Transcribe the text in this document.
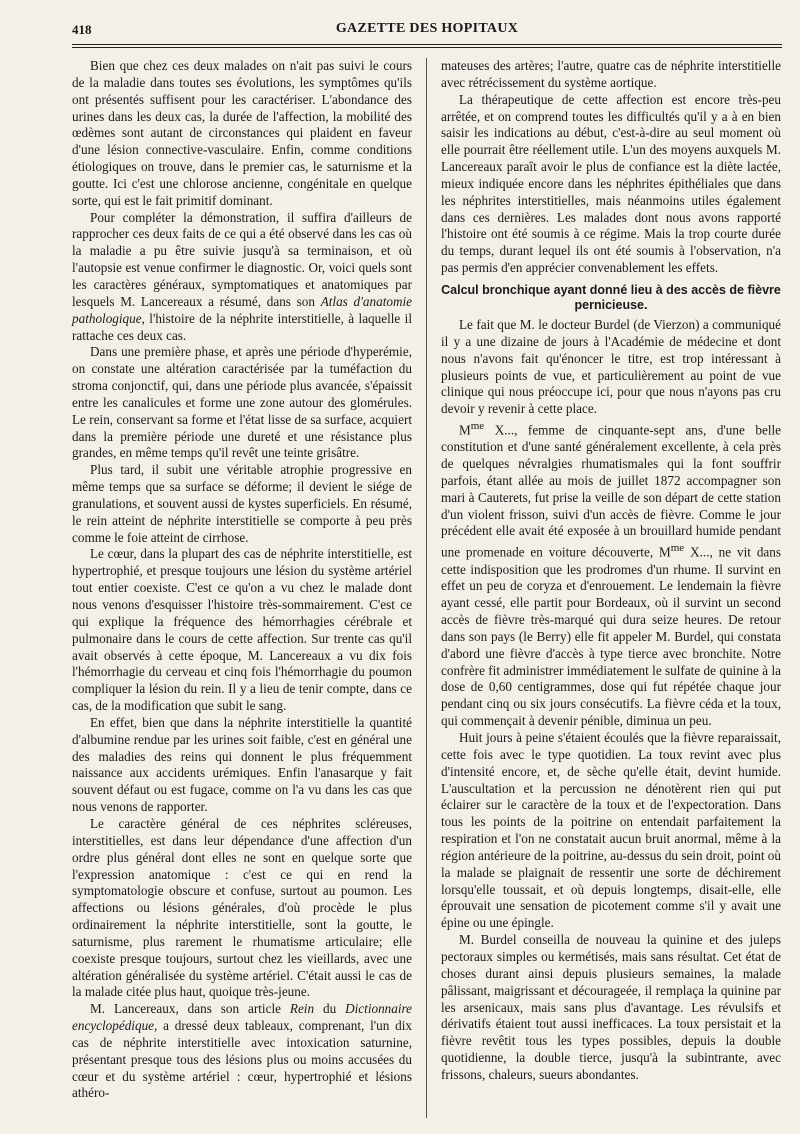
418	GAZETTE DES HOPITAUX

Bien que chez ces deux malades on n'ait pas suivi le cours de la maladie dans toutes ses évolutions, les symptômes qu'ils ont présentés suffisent pour les caractériser. L'abondance des urines dans les deux cas, la durée de l'affection, la mobilité des œdèmes sont autant de circonstances qui plaident en faveur d'une lésion connective-vasculaire. Enfin, comme conditions étiologiques on trouve, dans le premier cas, le saturnisme et la goutte. Ici c'est une chlorose ancienne, congénitale en quelque sorte, qui est le fait primitif dominant.

Pour compléter la démonstration, il suffira d'ailleurs de rapprocher ces deux faits de ce qui a été observé dans les cas où la maladie a pu être suivie jusqu'à sa terminaison, et où l'autopsie est venue confirmer le diagnostic. Or, voici quels sont les caractères généraux, symptomatiques et anatomiques par lesquels M. Lancereaux a résumé, dans son Atlas d'anatomie pathologique, l'histoire de la néphrite interstitielle, à laquelle il rattache ces deux cas.

Dans une première phase, et après une période d'hyperémie, on constate une altération caractérisée par la tuméfaction du stroma conjonctif, qui, dans une période plus avancée, s'épaissit entre les canalicules et forme une zone autour des glomérules. Le rein, conservant sa forme et l'état lisse de sa surface, acquiert dans la première période une dureté et une résistance plus grandes, en même temps qu'il revêt une teinte grisâtre.

Plus tard, il subit une véritable atrophie progressive en même temps que sa surface se déforme; il devient le siége de granulations, et souvent aussi de kystes superficiels. En résumé, le rein atteint de néphrite interstitielle se comporte à peu près comme le foie atteint de cirrhose.

Le cœur, dans la plupart des cas de néphrite interstitielle, est hypertrophié, et presque toujours une lésion du système artériel tout entier coexiste. C'est ce qu'on a vu chez le malade dont nous venons d'esquisser l'histoire très-sommairement. C'est ce qui explique la fréquence des hémorrhagies cérébrale et pulmonaire dans le cours de cette affection. Sur trente cas qu'il avait observés à cette époque, M. Lancereaux a vu dix fois l'hémorrhagie du cerveau et cinq fois l'hémorrhagie du poumon compliquer la lésion du rein. Il y a lieu de tenir compte, dans ce cas, de la modification que subit le sang.

En effet, bien que dans la néphrite interstitielle la quantité d'albumine rendue par les urines soit faible, c'est en général une des maladies des reins qui donnent le plus fréquemment naissance aux accidents urémiques. Enfin l'anasarque y fait souvent défaut ou est fugace, comme on l'a vu dans les cas que nous venons de rapporter.

Le caractère général de ces néphrites scléreuses, interstitielles, est dans leur dépendance d'une affection d'un ordre plus général dont elles ne sont en quelque sorte que l'expression anatomique : c'est ce qui en rend la symptomatologie obscure et confuse, surtout au poumon. Les affections ou lésions générales, d'où procède le plus ordinairement la néphrite interstitielle, sont la goutte, le saturnisme, plus rarement le rhumatisme articulaire; elle coexiste presque toujours, surtout chez les vieillards, avec une altération généralisée du système artériel. C'était aussi le cas de la malade citée plus haut, quoique très-jeune.

M. Lancereaux, dans son article Rein du Dictionnaire encyclopédique, a dressé deux tableaux, comprenant, l'un dix cas de néphrite interstitielle avec intoxication saturnine, présentant presque tous des lésions plus ou moins accusées du cœur et du système artériel : cœur, hypertrophié et lésions athéro-

mateuses des artères; l'autre, quatre cas de néphrite interstitielle avec rétrécissement du système aortique.

La thérapeutique de cette affection est encore très-peu arrêtée, et on comprend toutes les difficultés qu'il y a à en bien saisir les indications au début, c'est-à-dire au seul moment où elle pourrait être réellement utile. L'un des moyens auxquels M. Lancereaux paraît avoir le plus de confiance est la diète lactée, mieux indiquée encore dans les néphrites épithéliales que dans les néphrites interstitielles, mais néanmoins utiles également dans ces dernières. Les malades dont nous avons rapporté l'histoire ont été soumis à ce régime. Mais la trop courte durée du temps, durant lequel ils ont été soumis à l'observation, n'a pas permis d'en apprécier convenablement les effets.

Calcul bronchique ayant donné lieu à des accès de fièvre pernicieuse.

Le fait que M. le docteur Burdel (de Vierzon) a communiqué il y a une dizaine de jours à l'Académie de médecine et dont nous n'avons fait qu'énoncer le titre, est trop intéressant à plusieurs points de vue, et particulièrement au point de vue clinique qui nous préoccupe ici, pour que nous n'ayons pas cru devoir y revenir à cette place.

$M^{me}$ X..., femme de cinquante-sept ans, d'une belle constitution et d'une santé généralement excellente, à cela près de quelques névralgies rhumatismales qui la font souffrir parfois, étant allée au mois de juillet 1872 accompagner son mari à Cauterets, fut prise la veille de son départ de cette station d'un violent frisson, suivi d'un accès de fièvre. Comme le jour précédent elle avait été exposée à un brouillard humide pendant une promenade en voiture découverte, $M^{me}$ X..., ne vit dans cette indisposition que les prodromes d'un rhume. Il survint en effet un peu de coryza et d'enrouement. Le lendemain la fièvre ayant cessé, elle partit pour Bordeaux, où il survint un second accès de fièvre très-marqué qui dura seize heures. De retour dans son pays (le Berry) elle fit appeler M. Burdel, qui constata d'abord une fièvre d'accès à type tierce avec bronchite. Notre confrère fit administrer immédiatement le sulfate de quinine à la dose de 0,60 centigrammes, dose qui fut répétée chaque jour pendant cinq ou six jours consécutifs. La fièvre céda et la toux, qui commençait à devenir pénible, diminua un peu.

Huit jours à peine s'étaient écoulés que la fièvre reparaissait, cette fois avec le type quotidien. La toux revint avec plus d'intensité encore, et, de sèche qu'elle était, devint humide. L'auscultation et la percussion ne dénotèrent rien qui put éclairer sur le caractère de la toux et de l'expectoration. Dans tous les points de la poitrine on entendait parfaitement la respiration et l'on ne constatait aucun bruit anormal, même à la région antérieure de la poitrine, au-dessus du sein droit, point où la malade se plaignait de ressentir une sorte de déchirement lorsqu'elle toussait, et où depuis longtemps, disait-elle, elle éprouvait une sensation de picotement comme s'il y avait une épine ou une épingle.

M. Burdel conseilla de nouveau la quinine et des juleps pectoraux simples ou kermétisés, mais sans résultat. Cet état de choses durant ainsi depuis plusieurs semaines, la malade pâlissant, maigrissant et décourageée, il remplaça la quinine par les arsenicaux, mais sans plus d'avantage. Les révulsifs et dérivatifs étaient tout aussi inefficaces. La toux persistait et la fièvre revêtit tous les types possibles, depuis la double quotidienne, la double tierce, jusqu'à la subintrante, avec frissons, chaleurs, sueurs abondantes.
